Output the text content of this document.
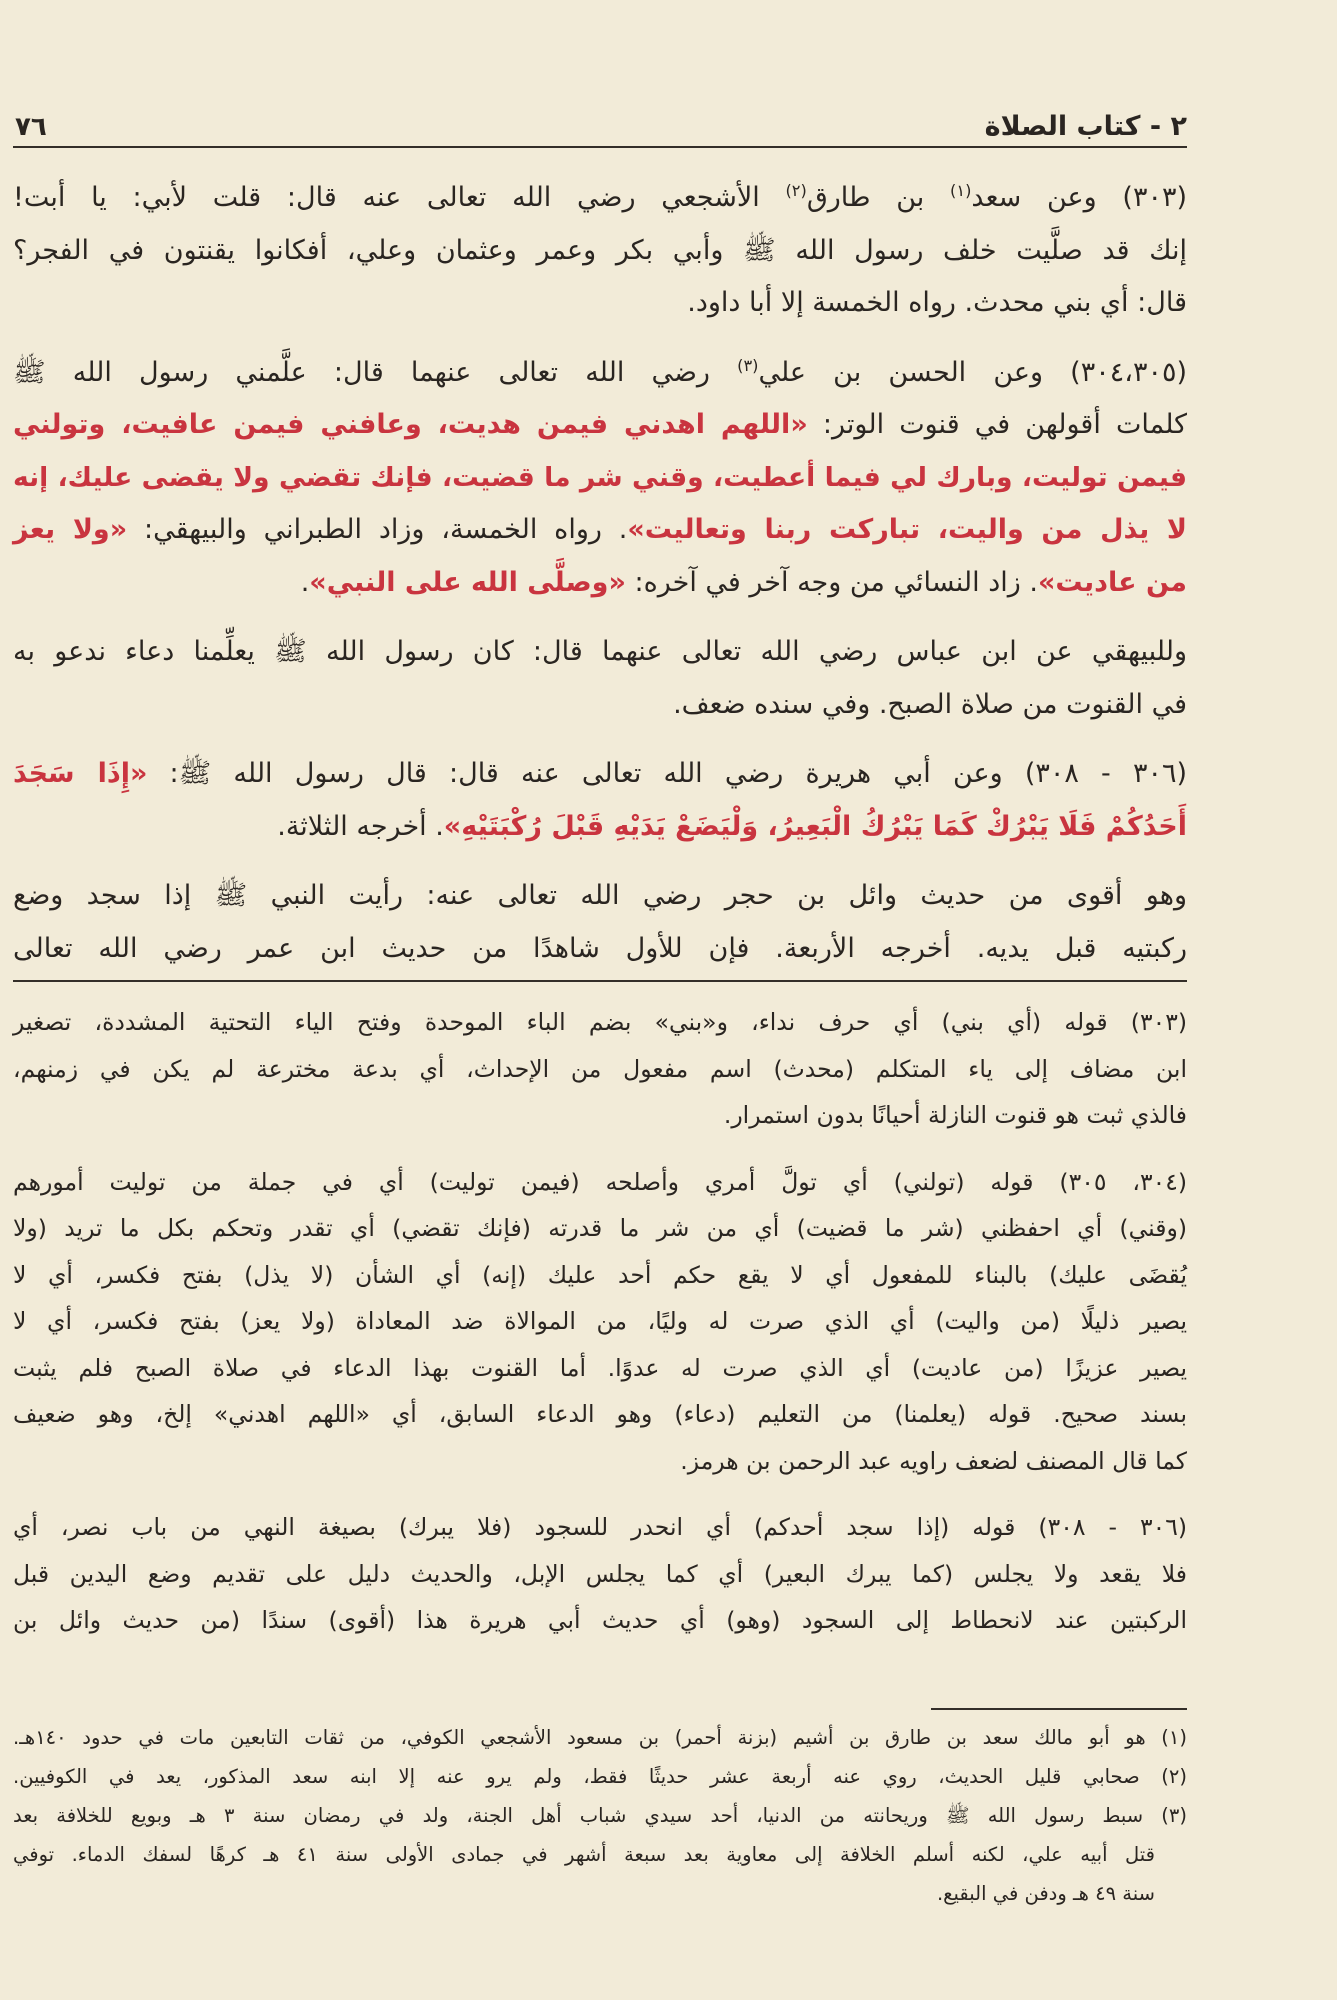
٢ - كتاب الصلاة
٧٦
(٣٠٣) وعن سعد$^{(١)}$ بن طارق$^{(٢)}$ الأشجعي رضي الله تعالى عنه قال: قلت لأبي: يا أبت!
إنك قد صلَّيت خلف رسول الله ﷺ وأبي بكر وعمر وعثمان وعلي، أفكانوا يقنتون في الفجر؟
قال: أي بني محدث. رواه الخمسة إلا أبا داود.
(٣٠٤،٣٠٥) وعن الحسن بن علي$^{(٣)}$ رضي الله تعالى عنهما قال: علَّمني رسول الله ﷺ
كلمات أقولهن في قنوت الوتر: «اللهم اهدني فيمن هديت، وعافني فيمن عافيت، وتولني
فيمن توليت، وبارك لي فيما أعطيت، وقني شر ما قضيت، فإنك تقضي ولا يقضى عليك، إنه
لا يذل من واليت، تباركت ربنا وتعاليت». رواه الخمسة، وزاد الطبراني والبيهقي: «ولا يعز
من عاديت». زاد النسائي من وجه آخر في آخره: «وصلَّى الله على النبي».
وللبيهقي عن ابن عباس رضي الله تعالى عنهما قال: كان رسول الله ﷺ يعلِّمنا دعاء ندعو به
في القنوت من صلاة الصبح. وفي سنده ضعف.
(٣٠٦ - ٣٠٨) وعن أبي هريرة رضي الله تعالى عنه قال: قال رسول الله ﷺ: «إِذَا سَجَدَ
أَحَدُكُمْ فَلَا يَبْرُكْ كَمَا يَبْرُكُ الْبَعِيرُ، وَلْيَضَعْ يَدَيْهِ قَبْلَ رُكْبَتَيْهِ». أخرجه الثلاثة.
وهو أقوى من حديث وائل بن حجر رضي الله تعالى عنه: رأيت النبي ﷺ إذا سجد وضع
ركبتيه قبل يديه. أخرجه الأربعة. فإن للأول شاهدًا من حديث ابن عمر رضي الله تعالى
(٣٠٣) قوله (أي بني) أي حرف نداء، و«بني» بضم الباء الموحدة وفتح الياء التحتية المشددة، تصغير
ابن مضاف إلى ياء المتكلم (محدث) اسم مفعول من الإحداث، أي بدعة مخترعة لم يكن في زمنهم،
فالذي ثبت هو قنوت النازلة أحيانًا بدون استمرار.
(٣٠٤، ٣٠٥) قوله (تولني) أي تولَّ أمري وأصلحه (فيمن توليت) أي في جملة من توليت أمورهم
(وقني) أي احفظني (شر ما قضيت) أي من شر ما قدرته (فإنك تقضي) أي تقدر وتحكم بكل ما تريد (ولا
يُقضَى عليك) بالبناء للمفعول أي لا يقع حكم أحد عليك (إنه) أي الشأن (لا يذل) بفتح فكسر، أي لا
يصير ذليلًا (من واليت) أي الذي صرت له وليًا، من الموالاة ضد المعاداة (ولا يعز) بفتح فكسر، أي لا
يصير عزيزًا (من عاديت) أي الذي صرت له عدوًا. أما القنوت بهذا الدعاء في صلاة الصبح فلم يثبت
بسند صحيح. قوله (يعلمنا) من التعليم (دعاء) وهو الدعاء السابق، أي «اللهم اهدني» إلخ، وهو ضعيف
كما قال المصنف لضعف راويه عبد الرحمن بن هرمز.
(٣٠٦ - ٣٠٨) قوله (إذا سجد أحدكم) أي انحدر للسجود (فلا يبرك) بصيغة النهي من باب نصر، أي
فلا يقعد ولا يجلس (كما يبرك البعير) أي كما يجلس الإبل، والحديث دليل على تقديم وضع اليدين قبل
الركبتين عند لانحطاط إلى السجود (وهو) أي حديث أبي هريرة هذا (أقوى) سندًا (من حديث وائل بن
(١) هو أبو مالك سعد بن طارق بن أشيم (بزنة أحمر) بن مسعود الأشجعي الكوفي، من ثقات التابعين مات في حدود ١٤٠هـ.
(٢) صحابي قليل الحديث، روي عنه أربعة عشر حديثًا فقط، ولم يرو عنه إلا ابنه سعد المذكور، يعد في الكوفيين.
(٣) سبط رسول الله ﷺ وريحانته من الدنيا، أحد سيدي شباب أهل الجنة، ولد في رمضان سنة ٣ هـ وبويع للخلافة بعد
قتل أبيه علي، لكنه أسلم الخلافة إلى معاوية بعد سبعة أشهر في جمادى الأولى سنة ٤١ هـ كرهًا لسفك الدماء. توفي
سنة ٤٩ هـ ودفن في البقيع.
